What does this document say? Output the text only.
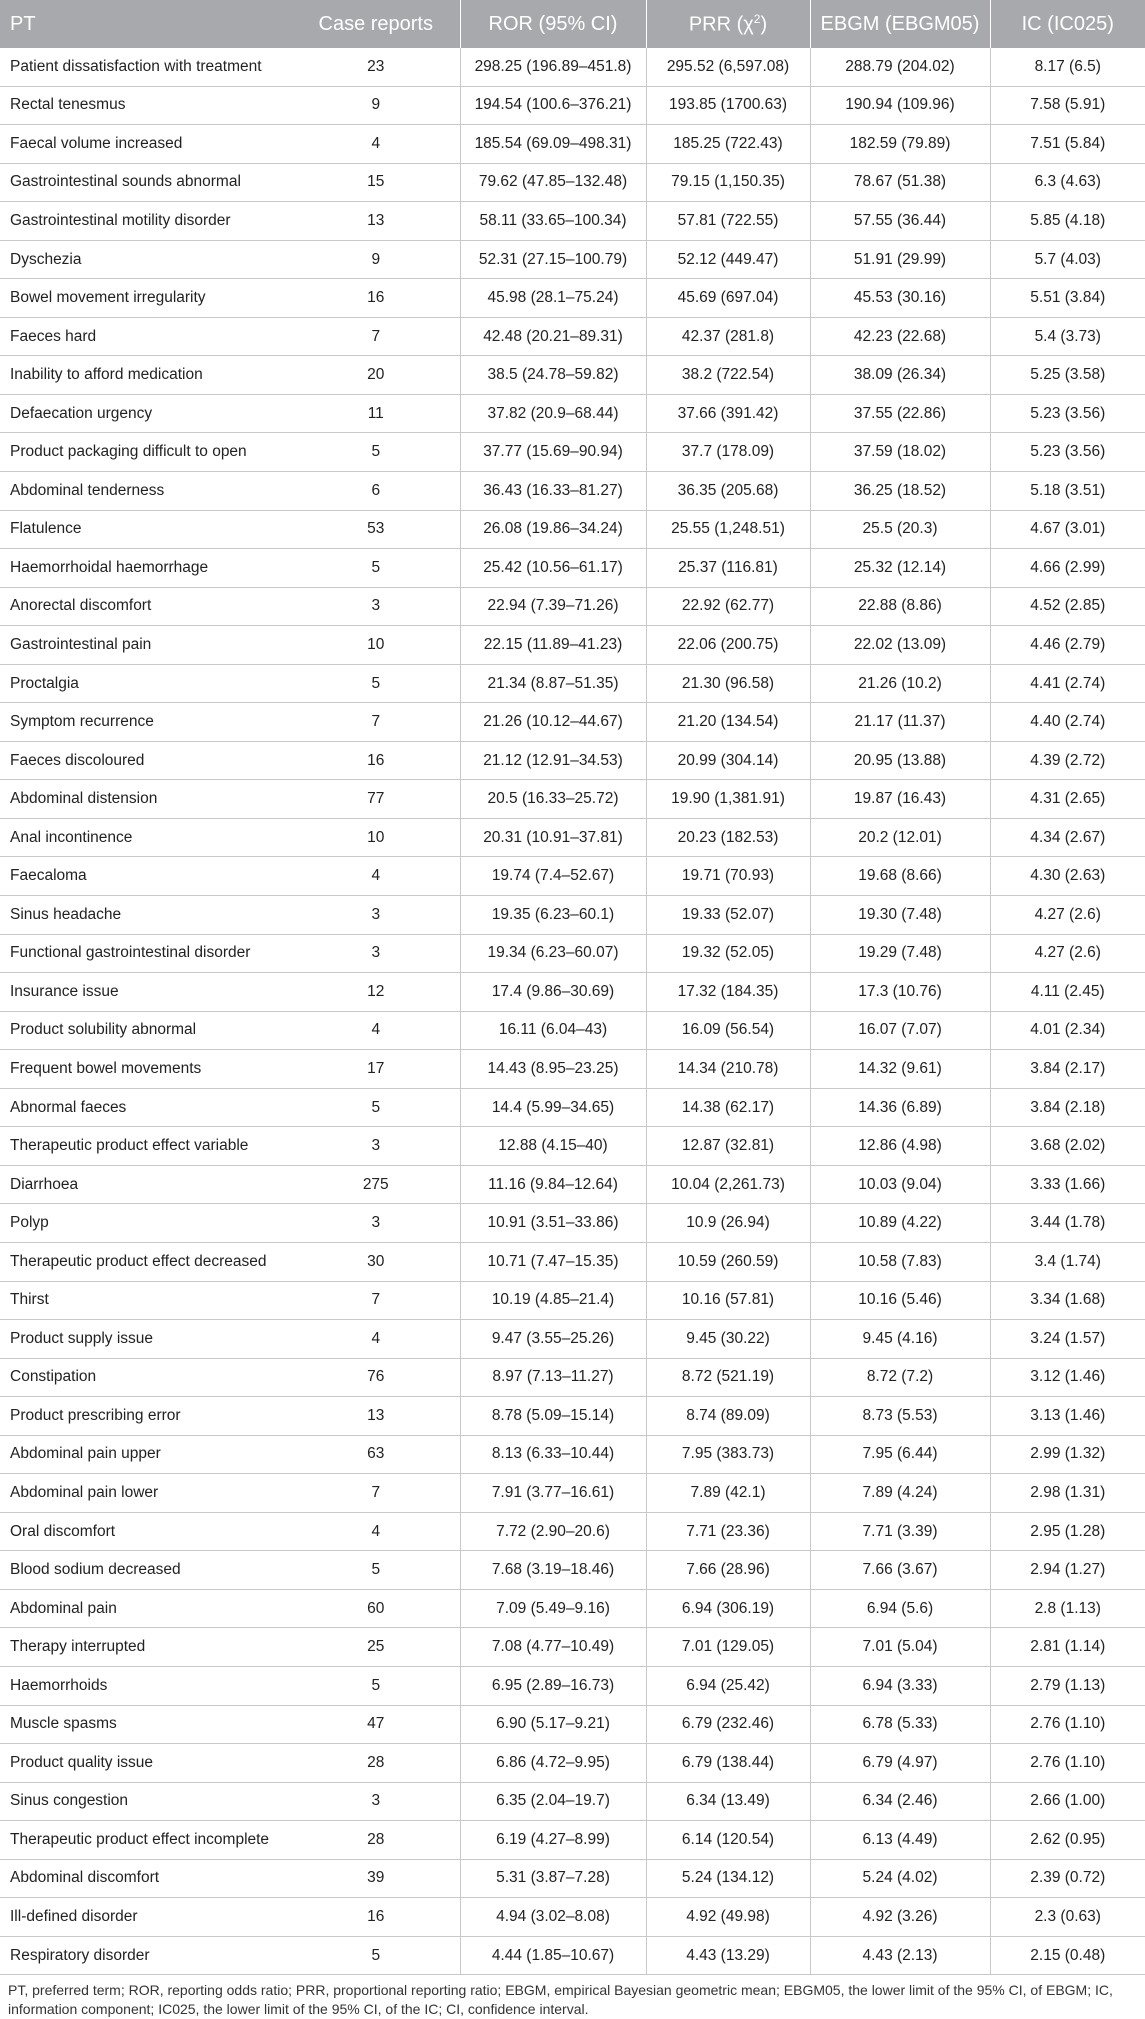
PT	Case reports	ROR (95% CI)	PRR $(\chi^2)$	EBGM (EBGM05)	IC (IC025)
Patient dissatisfaction with treatment	23	298.25 (196.89–451.8)	295.52 (6,597.08)	288.79 (204.02)	8.17 (6.5)
Rectal tenesmus	9	194.54 (100.6–376.21)	193.85 (1700.63)	190.94 (109.96)	7.58 (5.91)
Faecal volume increased	4	185.54 (69.09–498.31)	185.25 (722.43)	182.59 (79.89)	7.51 (5.84)
Gastrointestinal sounds abnormal	15	79.62 (47.85–132.48)	79.15 (1,150.35)	78.67 (51.38)	6.3 (4.63)
Gastrointestinal motility disorder	13	58.11 (33.65–100.34)	57.81 (722.55)	57.55 (36.44)	5.85 (4.18)
Dyschezia	9	52.31 (27.15–100.79)	52.12 (449.47)	51.91 (29.99)	5.7 (4.03)
Bowel movement irregularity	16	45.98 (28.1–75.24)	45.69 (697.04)	45.53 (30.16)	5.51 (3.84)
Faeces hard	7	42.48 (20.21–89.31)	42.37 (281.8)	42.23 (22.68)	5.4 (3.73)
Inability to afford medication	20	38.5 (24.78–59.82)	38.2 (722.54)	38.09 (26.34)	5.25 (3.58)
Defaecation urgency	11	37.82 (20.9–68.44)	37.66 (391.42)	37.55 (22.86)	5.23 (3.56)
Product packaging difficult to open	5	37.77 (15.69–90.94)	37.7 (178.09)	37.59 (18.02)	5.23 (3.56)
Abdominal tenderness	6	36.43 (16.33–81.27)	36.35 (205.68)	36.25 (18.52)	5.18 (3.51)
Flatulence	53	26.08 (19.86–34.24)	25.55 (1,248.51)	25.5 (20.3)	4.67 (3.01)
Haemorrhoidal haemorrhage	5	25.42 (10.56–61.17)	25.37 (116.81)	25.32 (12.14)	4.66 (2.99)
Anorectal discomfort	3	22.94 (7.39–71.26)	22.92 (62.77)	22.88 (8.86)	4.52 (2.85)
Gastrointestinal pain	10	22.15 (11.89–41.23)	22.06 (200.75)	22.02 (13.09)	4.46 (2.79)
Proctalgia	5	21.34 (8.87–51.35)	21.30 (96.58)	21.26 (10.2)	4.41 (2.74)
Symptom recurrence	7	21.26 (10.12–44.67)	21.20 (134.54)	21.17 (11.37)	4.40 (2.74)
Faeces discoloured	16	21.12 (12.91–34.53)	20.99 (304.14)	20.95 (13.88)	4.39 (2.72)
Abdominal distension	77	20.5 (16.33–25.72)	19.90 (1,381.91)	19.87 (16.43)	4.31 (2.65)
Anal incontinence	10	20.31 (10.91–37.81)	20.23 (182.53)	20.2 (12.01)	4.34 (2.67)
Faecaloma	4	19.74 (7.4–52.67)	19.71 (70.93)	19.68 (8.66)	4.30 (2.63)
Sinus headache	3	19.35 (6.23–60.1)	19.33 (52.07)	19.30 (7.48)	4.27 (2.6)
Functional gastrointestinal disorder	3	19.34 (6.23–60.07)	19.32 (52.05)	19.29 (7.48)	4.27 (2.6)
Insurance issue	12	17.4 (9.86–30.69)	17.32 (184.35)	17.3 (10.76)	4.11 (2.45)
Product solubility abnormal	4	16.11 (6.04–43)	16.09 (56.54)	16.07 (7.07)	4.01 (2.34)
Frequent bowel movements	17	14.43 (8.95–23.25)	14.34 (210.78)	14.32 (9.61)	3.84 (2.17)
Abnormal faeces	5	14.4 (5.99–34.65)	14.38 (62.17)	14.36 (6.89)	3.84 (2.18)
Therapeutic product effect variable	3	12.88 (4.15–40)	12.87 (32.81)	12.86 (4.98)	3.68 (2.02)
Diarrhoea	275	11.16 (9.84–12.64)	10.04 (2,261.73)	10.03 (9.04)	3.33 (1.66)
Polyp	3	10.91 (3.51–33.86)	10.9 (26.94)	10.89 (4.22)	3.44 (1.78)
Therapeutic product effect decreased	30	10.71 (7.47–15.35)	10.59 (260.59)	10.58 (7.83)	3.4 (1.74)
Thirst	7	10.19 (4.85–21.4)	10.16 (57.81)	10.16 (5.46)	3.34 (1.68)
Product supply issue	4	9.47 (3.55–25.26)	9.45 (30.22)	9.45 (4.16)	3.24 (1.57)
Constipation	76	8.97 (7.13–11.27)	8.72 (521.19)	8.72 (7.2)	3.12 (1.46)
Product prescribing error	13	8.78 (5.09–15.14)	8.74 (89.09)	8.73 (5.53)	3.13 (1.46)
Abdominal pain upper	63	8.13 (6.33–10.44)	7.95 (383.73)	7.95 (6.44)	2.99 (1.32)
Abdominal pain lower	7	7.91 (3.77–16.61)	7.89 (42.1)	7.89 (4.24)	2.98 (1.31)
Oral discomfort	4	7.72 (2.90–20.6)	7.71 (23.36)	7.71 (3.39)	2.95 (1.28)
Blood sodium decreased	5	7.68 (3.19–18.46)	7.66 (28.96)	7.66 (3.67)	2.94 (1.27)
Abdominal pain	60	7.09 (5.49–9.16)	6.94 (306.19)	6.94 (5.6)	2.8 (1.13)
Therapy interrupted	25	7.08 (4.77–10.49)	7.01 (129.05)	7.01 (5.04)	2.81 (1.14)
Haemorrhoids	5	6.95 (2.89–16.73)	6.94 (25.42)	6.94 (3.33)	2.79 (1.13)
Muscle spasms	47	6.90 (5.17–9.21)	6.79 (232.46)	6.78 (5.33)	2.76 (1.10)
Product quality issue	28	6.86 (4.72–9.95)	6.79 (138.44)	6.79 (4.97)	2.76 (1.10)
Sinus congestion	3	6.35 (2.04–19.7)	6.34 (13.49)	6.34 (2.46)	2.66 (1.00)
Therapeutic product effect incomplete	28	6.19 (4.27–8.99)	6.14 (120.54)	6.13 (4.49)	2.62 (0.95)
Abdominal discomfort	39	5.31 (3.87–7.28)	5.24 (134.12)	5.24 (4.02)	2.39 (0.72)
Ill-defined disorder	16	4.94 (3.02–8.08)	4.92 (49.98)	4.92 (3.26)	2.3 (0.63)
Respiratory disorder	5	4.44 (1.85–10.67)	4.43 (13.29)	4.43 (2.13)	2.15 (0.48)
PT, preferred term; ROR, reporting odds ratio; PRR, proportional reporting ratio; EBGM, empirical Bayesian geometric mean; EBGM05, the lower limit of the 95% CI, of EBGM; IC, information component; IC025, the lower limit of the 95% CI, of the IC; CI, confidence interval.
